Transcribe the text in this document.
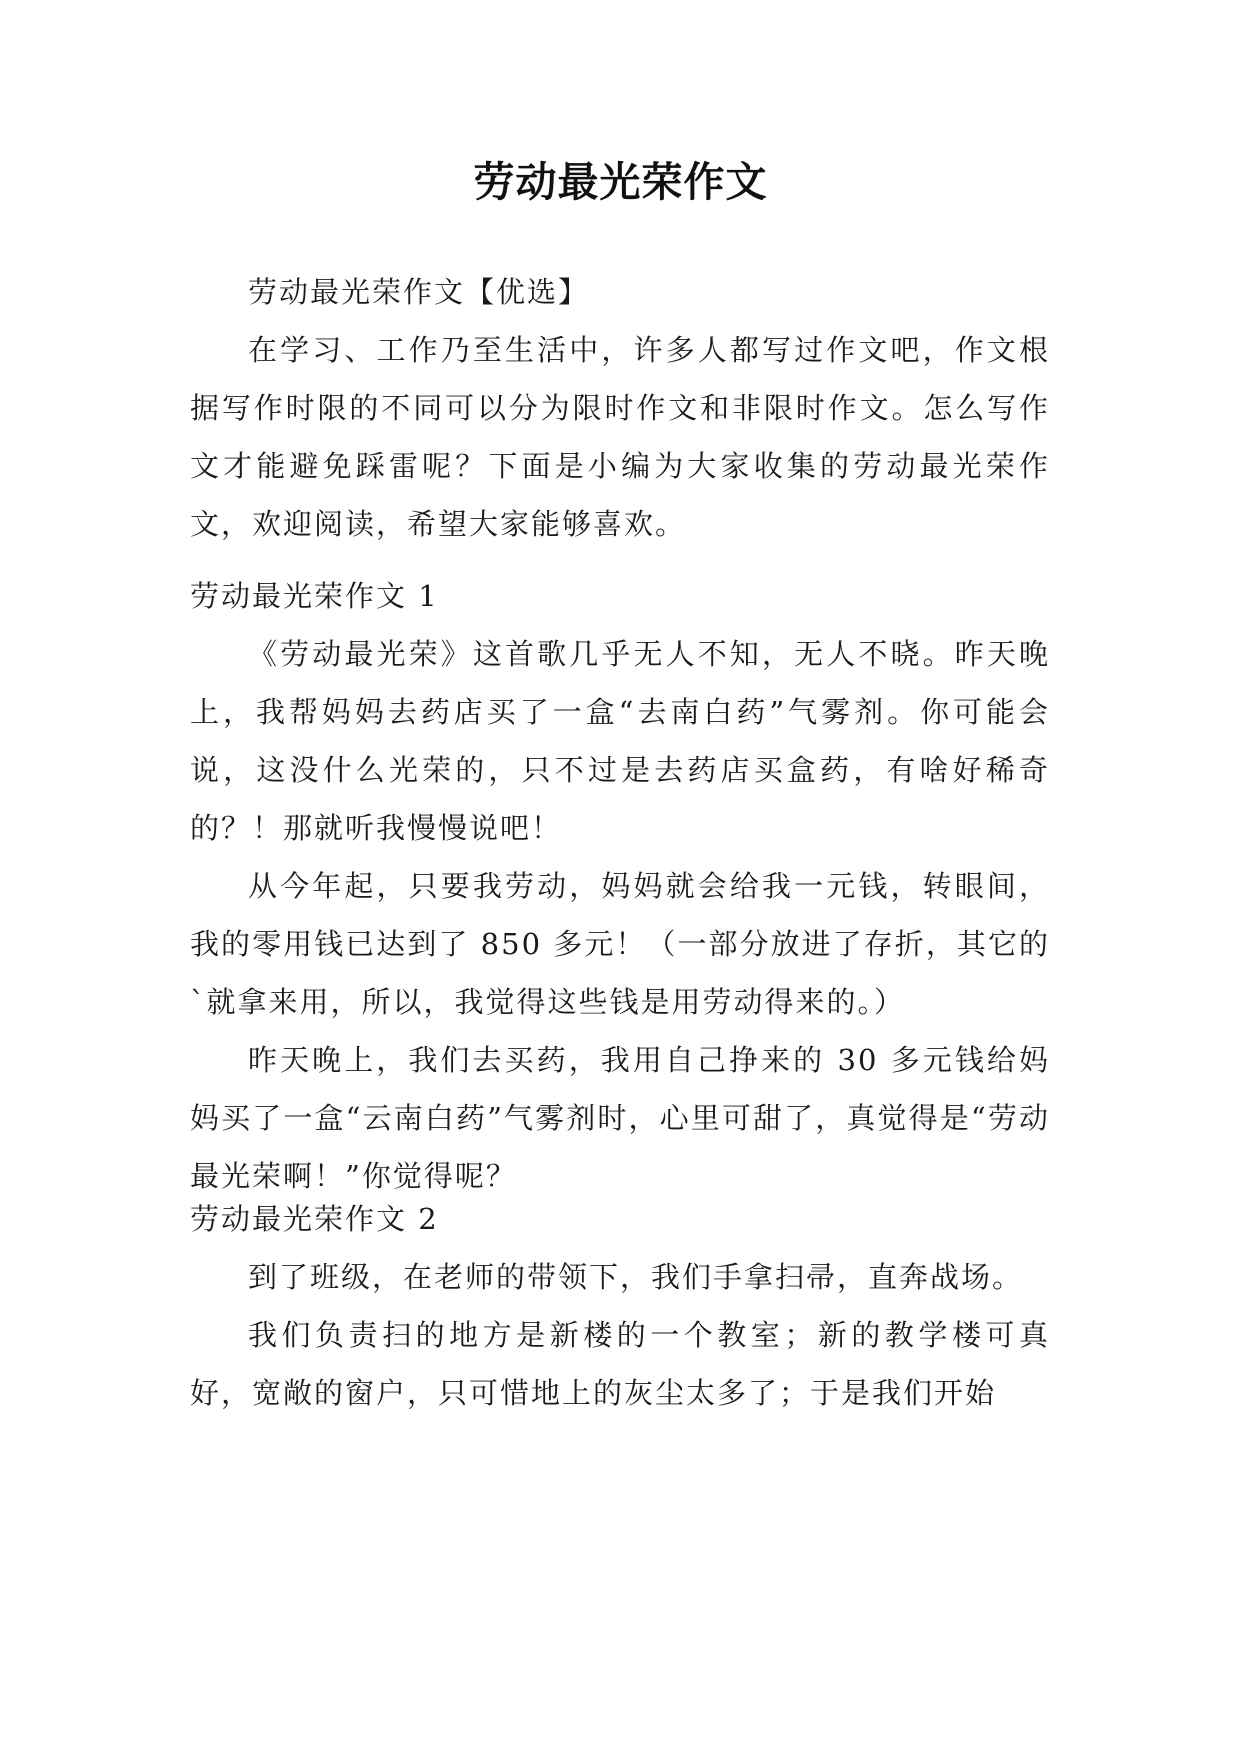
劳动最光荣作文

劳动最光荣作文【优选】

在学习、工作乃至生活中，许多人都写过作文吧，作文根据写作时限的不同可以分为限时作文和非限时作文。怎么写作文才能避免踩雷呢？下面是小编为大家收集的劳动最光荣作文，欢迎阅读，希望大家能够喜欢。

劳动最光荣作文 1

《劳动最光荣》这首歌几乎无人不知，无人不晓。昨天晚上，我帮妈妈去药店买了一盒“去南白药”气雾剂。你可能会说，这没什么光荣的，只不过是去药店买盒药，有啥好稀奇的？！那就听我慢慢说吧！

从今年起，只要我劳动，妈妈就会给我一元钱，转眼间，我的零用钱已达到了 850 多元！（一部分放进了存折，其它的`就拿来用，所以，我觉得这些钱是用劳动得来的。）

昨天晚上，我们去买药，我用自己挣来的 30 多元钱给妈妈买了一盒“云南白药”气雾剂时，心里可甜了，真觉得是“劳动最光荣啊！”你觉得呢？

劳动最光荣作文 2

到了班级，在老师的带领下，我们手拿扫帚，直奔战场。

我们负责扫的地方是新楼的一个教室；新的教学楼可真好，宽敞的窗户，只可惜地上的灰尘太多了；于是我们开始
